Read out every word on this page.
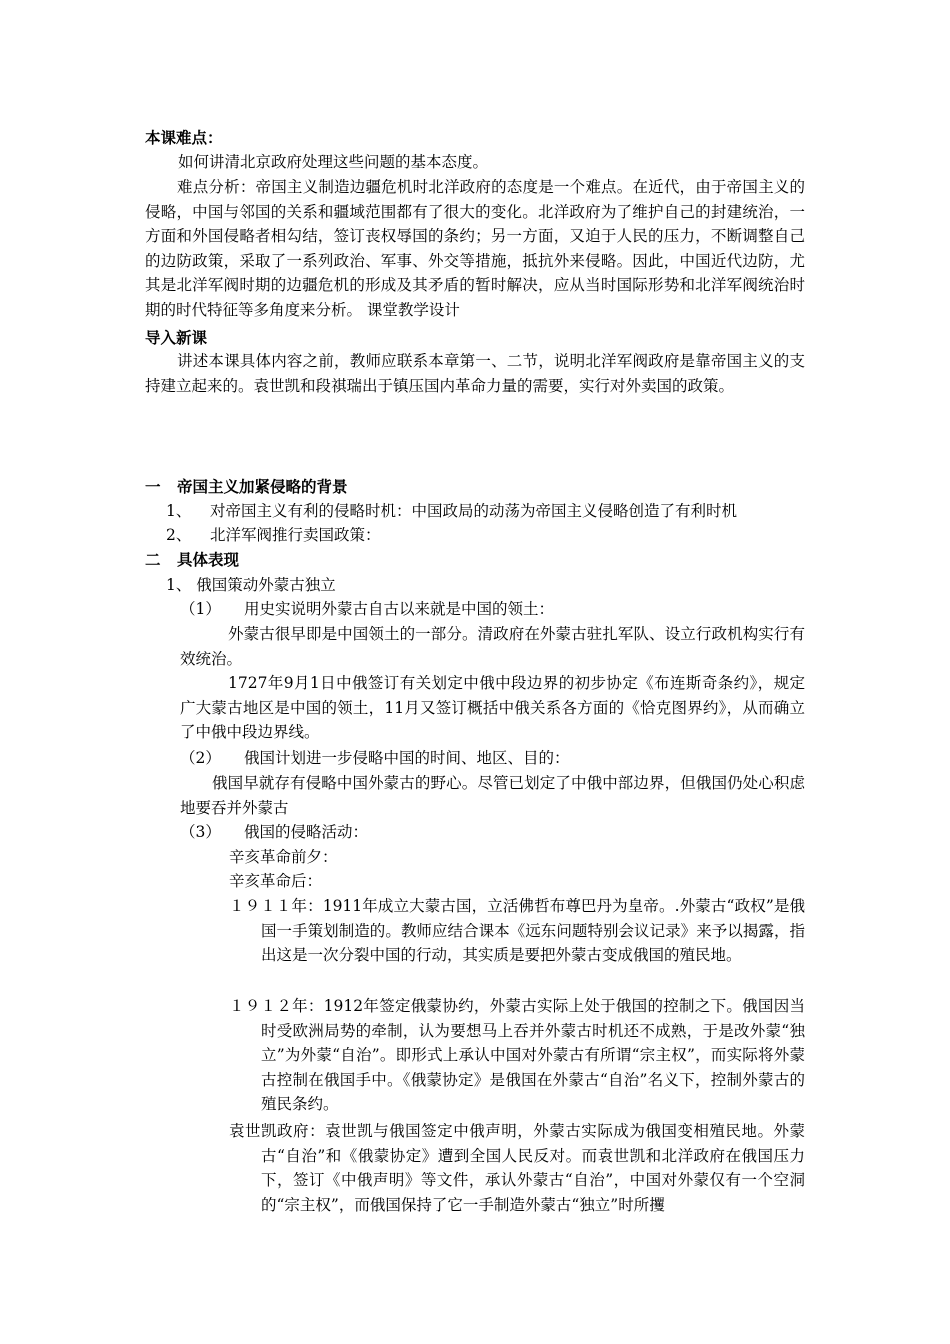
本课难点：
如何讲清北京政府处理这些问题的基本态度。

难点分析：帝国主义制造边疆危机时北洋政府的态度是一个难点。在近代，由于帝国主义的侵略，中国与邻国的关系和疆域范围都有了很大的变化。北洋政府为了维护自己的封建统治，一方面和外国侵略者相勾结，签订丧权辱国的条约；另一方面，又迫于人民的压力，不断调整自己的边防政策，采取了一系列政治、军事、外交等措施，抵抗外来侵略。因此，中国近代边防，尤其是北洋军阀时期的边疆危机的形成及其矛盾的暂时解决，应从当时国际形势和北洋军阀统治时期的时代特征等多角度来分析。 课堂教学设计

导入新课

讲述本课具体内容之前，教师应联系本章第一、二节，说明北洋军阀政府是靠帝国主义的支持建立起来的。袁世凯和段祺瑞出于镇压国内革命力量的需要，实行对外卖国的政策。

一 帝国主义加紧侵略的背景
1、 对帝国主义有利的侵略时机：中国政局的动荡为帝国主义侵略创造了有利时机
2、 北洋军阀推行卖国政策：
二 具体表现
1、 俄国策动外蒙古独立
（1） 用史实说明外蒙古自古以来就是中国的领土：

外蒙古很早即是中国领土的一部分。清政府在外蒙古驻扎军队、设立行政机构实行有效统治。

1727年9月1日中俄签订有关划定中俄中段边界的初步协定《布连斯奇条约》，规定广大蒙古地区是中国的领土，11月又签订概括中俄关系各方面的《恰克图界约》，从而确立了中俄中段边界线。

（2） 俄国计划进一步侵略中国的时间、地区、目的：

俄国早就存有侵略中国外蒙古的野心。尽管已划定了中俄中部边界，但俄国仍处心积虑地要吞并外蒙古

（3） 俄国的侵略活动：
辛亥革命前夕：
辛亥革命后：

１９１１年：1911年成立大蒙古国，立活佛哲布尊巴丹为皇帝。.外蒙古“政权”是俄国一手策划制造的。教师应结合课本《远东问题特别会议记录》来予以揭露，指出这是一次分裂中国的行动，其实质是要把外蒙古变成俄国的殖民地。

１９１２年：1912年签定俄蒙协约，外蒙古实际上处于俄国的控制之下。俄国因当时受欧洲局势的牵制，认为要想马上吞并外蒙古时机还不成熟，于是改外蒙“独立”为外蒙“自治”。即形式上承认中国对外蒙古有所谓“宗主权”，而实际将外蒙古控制在俄国手中。《俄蒙协定》是俄国在外蒙古“自治”名义下，控制外蒙古的殖民条约。

袁世凯政府：袁世凯与俄国签定中俄声明，外蒙古实际成为俄国变相殖民地。外蒙古“自治”和《俄蒙协定》遭到全国人民反对。而袁世凯和北洋政府在俄国压力下，签订《中俄声明》等文件，承认外蒙古“自治”，中国对外蒙仅有一个空洞的“宗主权”，而俄国保持了它一手制造外蒙古“独立”时所攫
